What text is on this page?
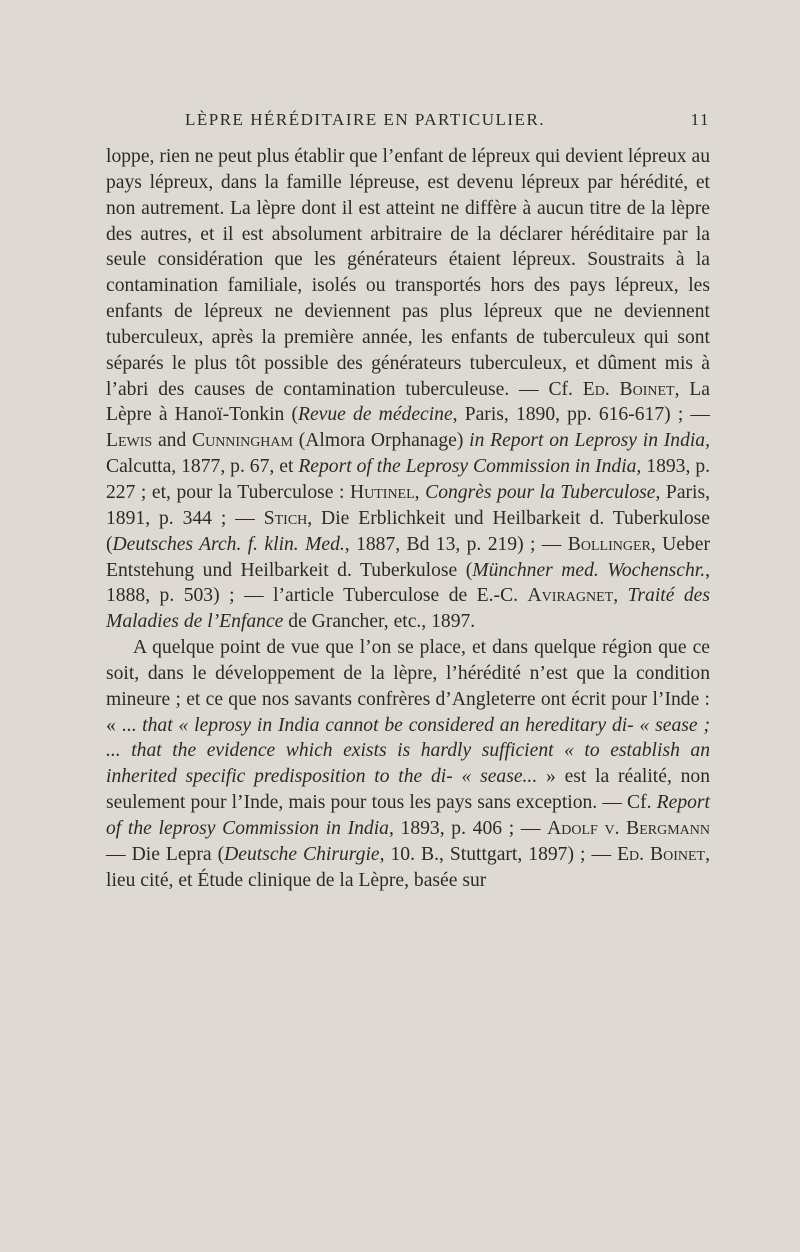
LÈPRE HÉRÉDITAIRE EN PARTICULIER.	11

loppe, rien ne peut plus établir que l’enfant de lépreux qui devient lépreux au pays lépreux, dans la famille lépreuse, est devenu lépreux par hérédité, et non autrement. La lèpre dont il est atteint ne diffère à aucun titre de la lèpre des autres, et il est absolument arbitraire de la déclarer héréditaire par la seule considération que les générateurs étaient lépreux. Soustraits à la contamination familiale, isolés ou transportés hors des pays lépreux, les enfants de lépreux ne deviennent pas plus lépreux que ne deviennent tuberculeux, après la première année, les enfants de tuberculeux qui sont séparés le plus tôt possible des générateurs tuberculeux, et dûment mis à l’abri des causes de contamination tuberculeuse. — Cf. Ed. Boinet, La Lèpre à Hanoï-Tonkin (Revue de médecine, Paris, 1890, pp. 616-617) ; — Lewis and Cunningham (Almora Orphanage) in Report on Leprosy in India, Calcutta, 1877, p. 67, et Report of the Leprosy Commission in India, 1893, p. 227 ; et, pour la Tuberculose : Hutinel, Congrès pour la Tuberculose, Paris, 1891, p. 344 ; — Stich, Die Erblichkeit und Heilbarkeit d. Tuberkulose (Deutsches Arch. f. klin. Med., 1887, Bd 13, p. 219) ; — Bollinger, Ueber Entstehung und Heilbarkeit d. Tuberkulose (Münchner med. Wochenschr., 1888, p. 503) ; — l’article Tuberculose de E.-C. Aviragnet, Traité des Maladies de l’Enfance de Grancher, etc., 1897.

A quelque point de vue que l’on se place, et dans quelque région que ce soit, dans le développement de la lèpre, l’hérédité n’est que la condition mineure ; et ce que nos savants confrères d’Angleterre ont écrit pour l’Inde : « ... that « leprosy in India cannot be considered an hereditary di- « sease ; ... that the evidence which exists is hardly sufficient « to establish an inherited specific predisposition to the di- « sease... » est la réalité, non seulement pour l’Inde, mais pour tous les pays sans exception. — Cf. Report of the leprosy Commission in India, 1893, p. 406 ; — Adolf v. Bergmann — Die Lepra (Deutsche Chirurgie, 10. B., Stuttgart, 1897) ; — Ed. Boinet, lieu cité, et Étude clinique de la Lèpre, basée sur
